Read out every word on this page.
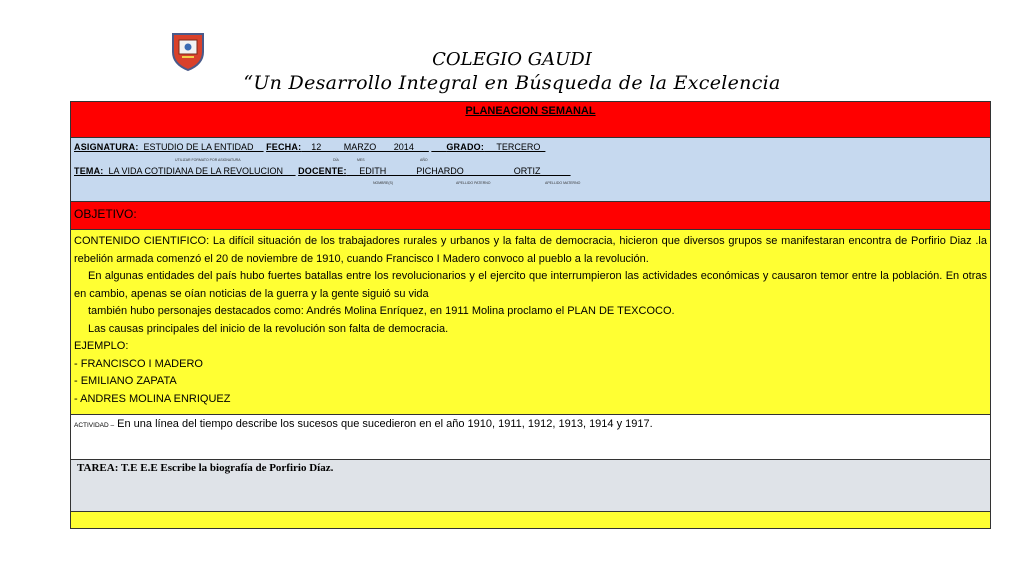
COLEGIO GAUDI
“Un Desarrollo Integral en Búsqueda de la Excelencia
PLANEACION SEMANAL
ASIGNATURA:  ESTUDIO DE LA ENTIDAD     FECHA:    12         MARZO       2014             GRADO:     TERCERO
UTILIZAR FORMATO POR ASIGNATURA	DÍA	MES	AÑO
TEMA:  LA VIDA COTIDIANA DE LA REVOLUCION      DOCENTE:     EDITH            PICHARDO                    ORTIZ
NOMBRE(S)	APELLIDO PATERNO	APELLIDO MATERNO
OBJETIVO:
CONTENIDO CIENTIFICO: La difícil situación de los trabajadores rurales y urbanos y la falta de democracia, hicieron que diversos grupos se manifestaran encontra de Porfirio Diaz .la rebelión armada comenzó el 20 de noviembre de 1910, cuando Francisco I Madero convoco al pueblo a la revolución.
En algunas entidades del país hubo fuertes batallas entre los revolucionarios y el ejercito que interrumpieron las actividades económicas y causaron temor entre la población. En otras en cambio, apenas se oían noticias de la guerra y la gente siguió su vida
también hubo personajes destacados como: Andrés Molina Enríquez, en 1911 Molina proclamo el PLAN DE TEXCOCO.
Las causas principales del inicio de la revolución son falta de democracia.
EJEMPLO:
- FRANCISCO I MADERO
- EMILIANO ZAPATA
- ANDRES MOLINA ENRIQUEZ
ACTIVIDAD – En una línea del tiempo describe los sucesos que sucedieron en el año 1910, 1911, 1912, 1913, 1914 y 1917.
TAREA: T.E E.E Escribe la biografía de Porfirio Díaz.
